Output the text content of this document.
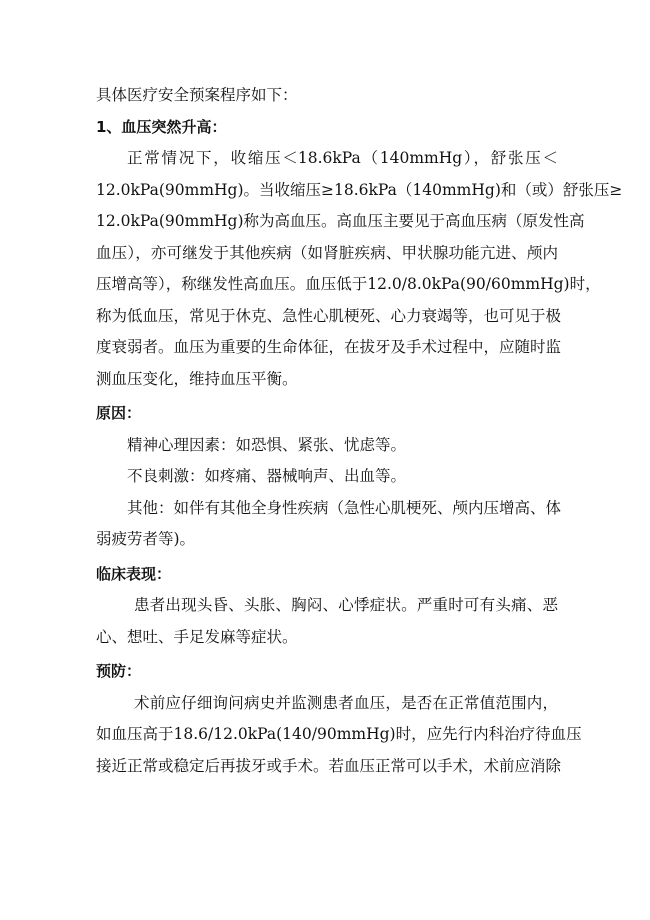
具体医疗安全预案程序如下：
1、血压突然升高：
正常情况下，收缩压＜18.6kPa（140mmHg），舒张压＜
12.0kPa(90mmHg)。当收缩压≥18.6kPa（140mmHg)和（或）舒张压≥
12.0kPa(90mmHg)称为高血压。高血压主要见于高血压病（原发性高
血压），亦可继发于其他疾病（如肾脏疾病、甲状腺功能亢进、颅内
压增高等），称继发性高血压。血压低于12.0/8.0kPa(90/60mmHg)时，
称为低血压，常见于休克、急性心肌梗死、心力衰竭等，也可见于极
度衰弱者。血压为重要的生命体征，在拔牙及手术过程中，应随时监
测血压变化，维持血压平衡。
原因：
精神心理因素：如恐惧、紧张、忧虑等。
不良刺激：如疼痛、器械响声、出血等。
其他：如伴有其他全身性疾病（急性心肌梗死、颅内压增高、体
弱疲劳者等)。
临床表现：
患者出现头昏、头胀、胸闷、心悸症状。严重时可有头痛、恶
心、想吐、手足发麻等症状。
预防：
术前应仔细询问病史并监测患者血压，是否在正常值范围内，
如血压高于18.6/12.0kPa(140/90mmHg)时，应先行内科治疗待血压
接近正常或稳定后再拔牙或手术。若血压正常可以手术，术前应消除
